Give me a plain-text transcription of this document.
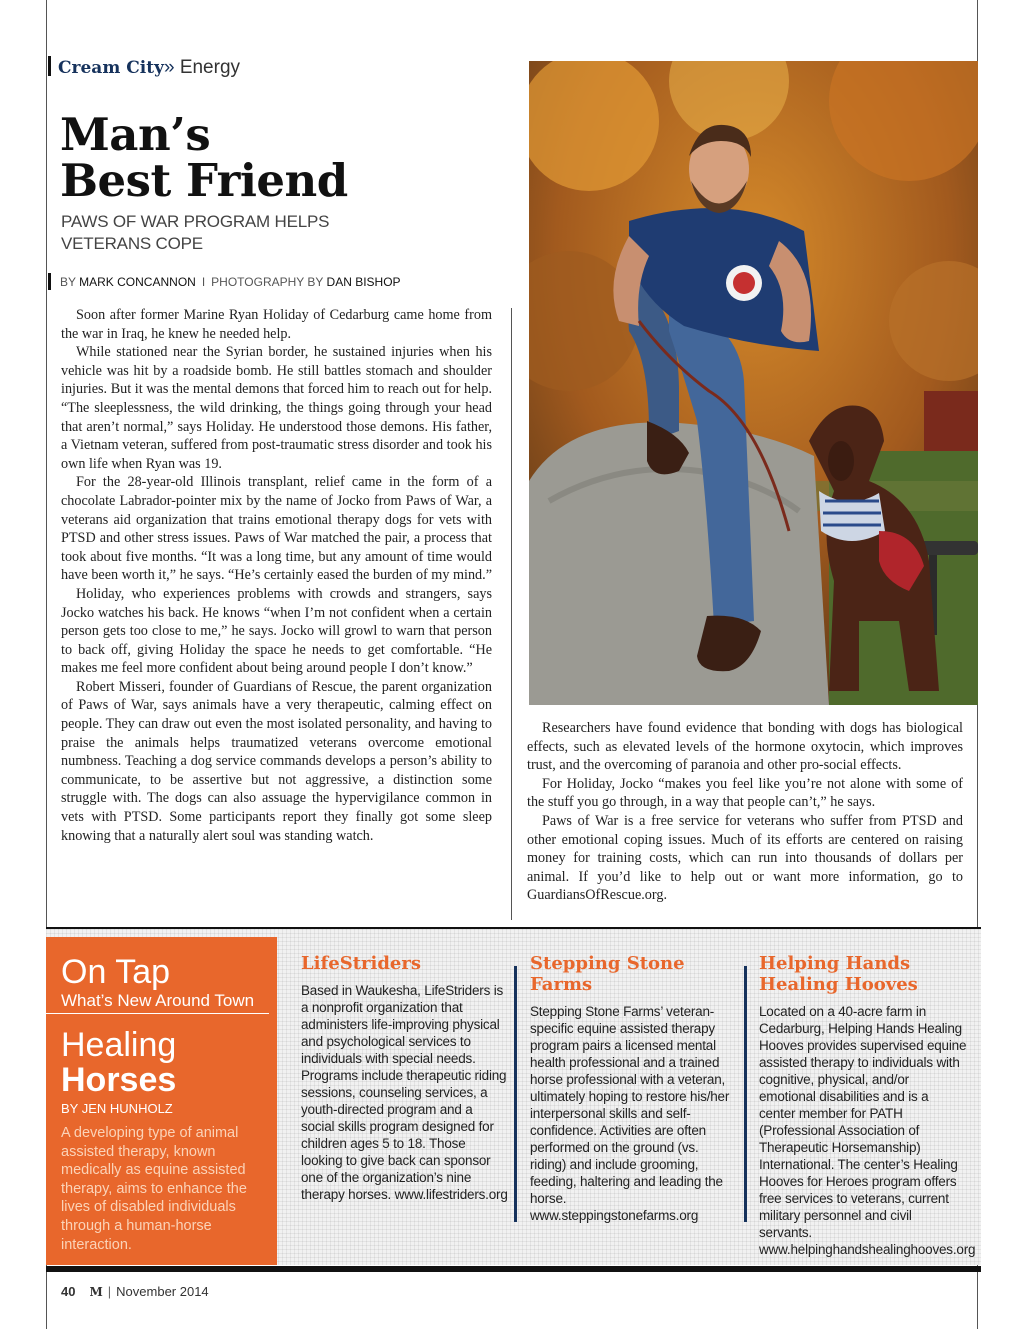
Cream City» Energy
Man’s
Best Friend
PAWS OF WAR PROGRAM HELPS VETERANS COPE
BY MARK CONCANNON I PHOTOGRAPHY BY DAN BISHOP

Soon after former Marine Ryan Holiday of Cedarburg came home from the war in Iraq, he knew he needed help.

While stationed near the Syrian border, he sustained injuries when his vehicle was hit by a roadside bomb. He still battles stomach and shoulder injuries. But it was the mental demons that forced him to reach out for help. “The sleeplessness, the wild drinking, the things going through your head that aren’t normal,” says Holiday. He understood those demons. His father, a Vietnam veteran, suffered from post-traumatic stress disorder and took his own life when Ryan was 19.

For the 28-year-old Illinois transplant, relief came in the form of a chocolate Labrador-pointer mix by the name of Jocko from Paws of War, a veterans aid organization that trains emotional therapy dogs for vets with PTSD and other stress issues. Paws of War matched the pair, a process that took about five months. “It was a long time, but any amount of time would have been worth it,” he says. “He’s certainly eased the burden of my mind.”

Holiday, who experiences problems with crowds and strangers, says Jocko watches his back. He knows “when I’m not confident when a certain person gets too close to me,” he says. Jocko will growl to warn that person to back off, giving Holiday the space he needs to get comfortable. “He makes me feel more confident about being around people I don’t know.”

Robert Misseri, founder of Guardians of Rescue, the parent organization of Paws of War, says animals have a very therapeutic, calming effect on people. They can draw out even the most isolated personality, and having to praise the animals helps traumatized veterans overcome emotional numbness. Teaching a dog service commands develops a person’s ability to communicate, to be assertive but not aggressive, a distinction some struggle with. The dogs can also assuage the hypervigilance common in vets with PTSD. Some participants report they finally got some sleep knowing that a naturally alert soul was standing watch.

Researchers have found evidence that bonding with dogs has biological effects, such as elevated levels of the hormone oxytocin, which improves trust, and the overcoming of paranoia and other pro-social effects.

For Holiday, Jocko “makes you feel like you’re not alone with some of the stuff you go through, in a way that people can’t,” he says.

Paws of War is a free service for veterans who suffer from PTSD and other emotional coping issues. Much of its efforts are centered on raising money for training costs, which can run into thousands of dollars per animal. If you’d like to help out or want more information, go to GuardiansOfRescue.org.

On Tap
What’s New Around Town
Healing
Horses
BY JEN HUNHOLZ
A developing type of animal assisted therapy, known medically as equine assisted therapy, aims to enhance the lives of disabled individuals through a human-horse interaction.
LifeStriders
Based in Waukesha, LifeStriders is a nonprofit organization that administers life-improving physical and psychological services to individuals with special needs. Programs include therapeutic riding sessions, counseling services, a youth-directed program and a social skills program designed for children ages 5 to 18. Those looking to give back can sponsor one of the organization’s nine therapy horses. www.lifestriders.org
Stepping Stone Farms
Stepping Stone Farms’ veteran-specific equine assisted therapy program pairs a licensed mental health professional and a trained horse professional with a veteran, ultimately hoping to restore his/her interpersonal skills and self-confidence. Activities are often performed on the ground (vs. riding) and include grooming, feeding, haltering and leading the horse. www.steppingstonefarms.org
Helping Hands Healing Hooves
Located on a 40-acre farm in Cedarburg, Helping Hands Healing Hooves provides supervised equine assisted therapy to individuals with cognitive, physical, and/or emotional disabilities and is a center member for PATH (Professional Association of Therapeutic Horsemanship) International. The center’s Healing Hooves for Heroes program offers free services to veterans, current military personnel and civil servants. www.helpinghandshealinghooves.org
40 M | November 2014
